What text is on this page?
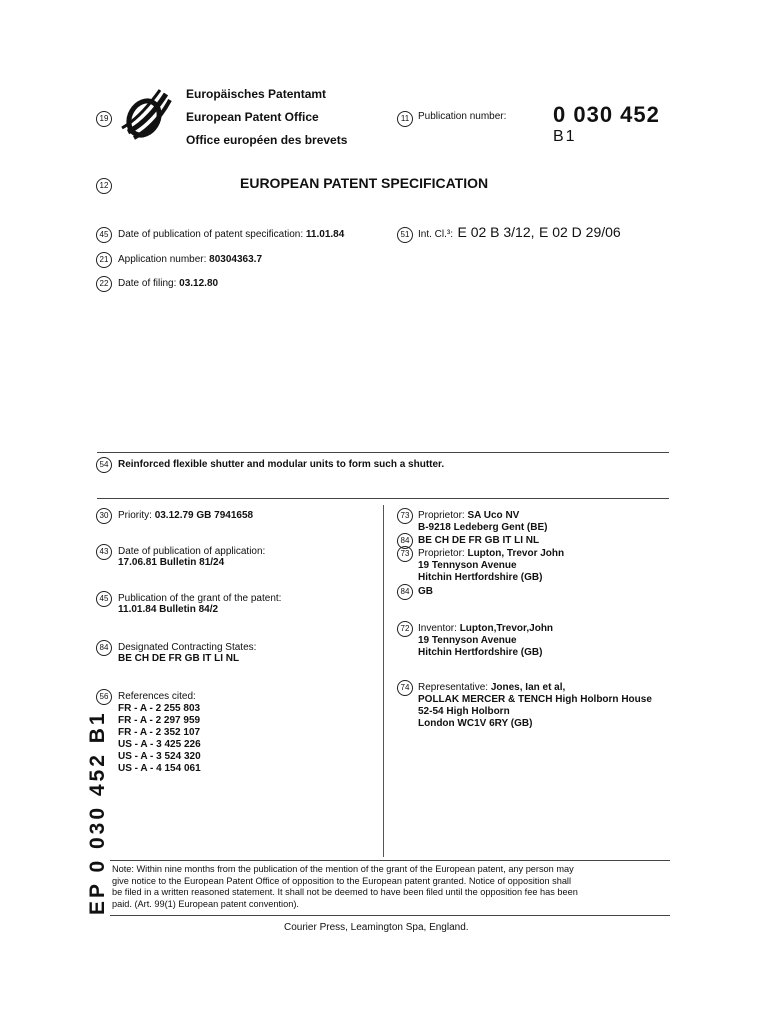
19
Europäisches Patentamt
European Patent Office
Office européen des brevets
11 Publication number: 0 030 452
B1
12	EUROPEAN PATENT SPECIFICATION
45 Date of publication of patent specification: 11.01.84	51 Int. Cl.³: E 02 B 3/12, E 02 D 29/06
21 Application number: 80304363.7
22 Date of filing: 03.12.80
54 Reinforced flexible shutter and modular units to form such a shutter.
30 Priority: 03.12.79 GB 7941658
43 Date of publication of application:
17.06.81 Bulletin 81/24
45 Publication of the grant of the patent:
11.01.84 Bulletin 84/2
84 Designated Contracting States:
BE CH DE FR GB IT LI NL
56 References cited:
FR - A - 2 255 803
FR - A - 2 297 959
FR - A - 2 352 107
US - A - 3 425 226
US - A - 3 524 320
US - A - 4 154 061
73 Proprietor: SA Uco NV
B-9218 Ledeberg Gent (BE)
84 BE CH DE FR GB IT LI NL
73 Proprietor: Lupton, Trevor John
19 Tennyson Avenue
Hitchin Hertfordshire (GB)
84 GB
72 Inventor: Lupton,Trevor,John
19 Tennyson Avenue
Hitchin Hertfordshire (GB)
74 Representative: Jones, Ian et al,
POLLAK MERCER & TENCH High Holborn House
52-54 High Holborn
London WC1V 6RY (GB)
Note: Within nine months from the publication of the mention of the grant of the European patent, any person may
give notice to the European Patent Office of opposition to the European patent granted. Notice of opposition shall
be filed in a written reasoned statement. It shall not be deemed to have been filed until the opposition fee has been
paid. (Art. 99(1) European patent convention).
Courier Press, Leamington Spa, England.
EP 0 030 452 B1
